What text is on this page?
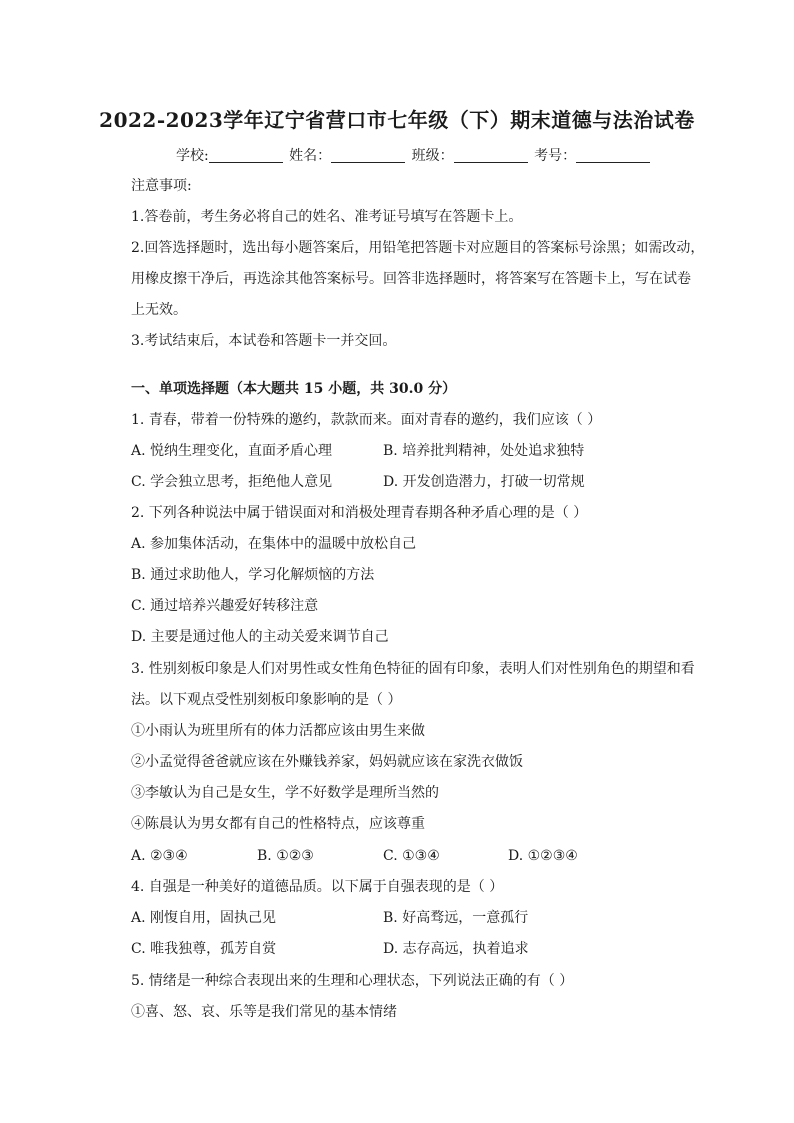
2022-2023学年辽宁省营口市七年级（下）期末道德与法治试卷
学校:	姓名：	班级：	考号：
注意事项:
1.答卷前，考生务必将自己的姓名、准考证号填写在答题卡上。
2.回答选择题时，选出每小题答案后，用铅笔把答题卡对应题目的答案标号涂黑；如需改动，
用橡皮擦干净后，再选涂其他答案标号。回答非选择题时，将答案写在答题卡上，写在试卷
上无效。
3.考试结束后，本试卷和答题卡一并交回。
一、单项选择题（本大题共 15 小题，共 30.0 分）
1. 青春，带着一份特殊的邀约，款款而来。面对青春的邀约，我们应该（ ）
A. 悦纳生理变化，直面矛盾心理	B. 培养批判精神，处处追求独特
C. 学会独立思考，拒绝他人意见	D. 开发创造潜力，打破一切常规
2. 下列各种说法中属于错误面对和消极处理青春期各种矛盾心理的是（ ）
A. 参加集体活动，在集体中的温暖中放松自己
B. 通过求助他人，学习化解烦恼的方法
C. 通过培养兴趣爱好转移注意
D. 主要是通过他人的主动关爱来调节自己
3. 性别刻板印象是人们对男性或女性角色特征的固有印象，表明人们对性别角色的期望和看
法。以下观点受性别刻板印象影响的是（ ）
①小雨认为班里所有的体力活都应该由男生来做
②小孟觉得爸爸就应该在外赚钱养家，妈妈就应该在家洗衣做饭
③李敏认为自己是女生，学不好数学是理所当然的
④陈晨认为男女都有自己的性格特点，应该尊重
A. ②③④	B. ①②③	C. ①③④	D. ①②③④
4. 自强是一种美好的道德品质。以下属于自强表现的是（ ）
A. 刚愎自用，固执己见	B. 好高骛远，一意孤行
C. 唯我独尊，孤芳自赏	D. 志存高远，执着追求
5. 情绪是一种综合表现出来的生理和心理状态，下列说法正确的有（ ）
①喜、怒、哀、乐等是我们常见的基本情绪
